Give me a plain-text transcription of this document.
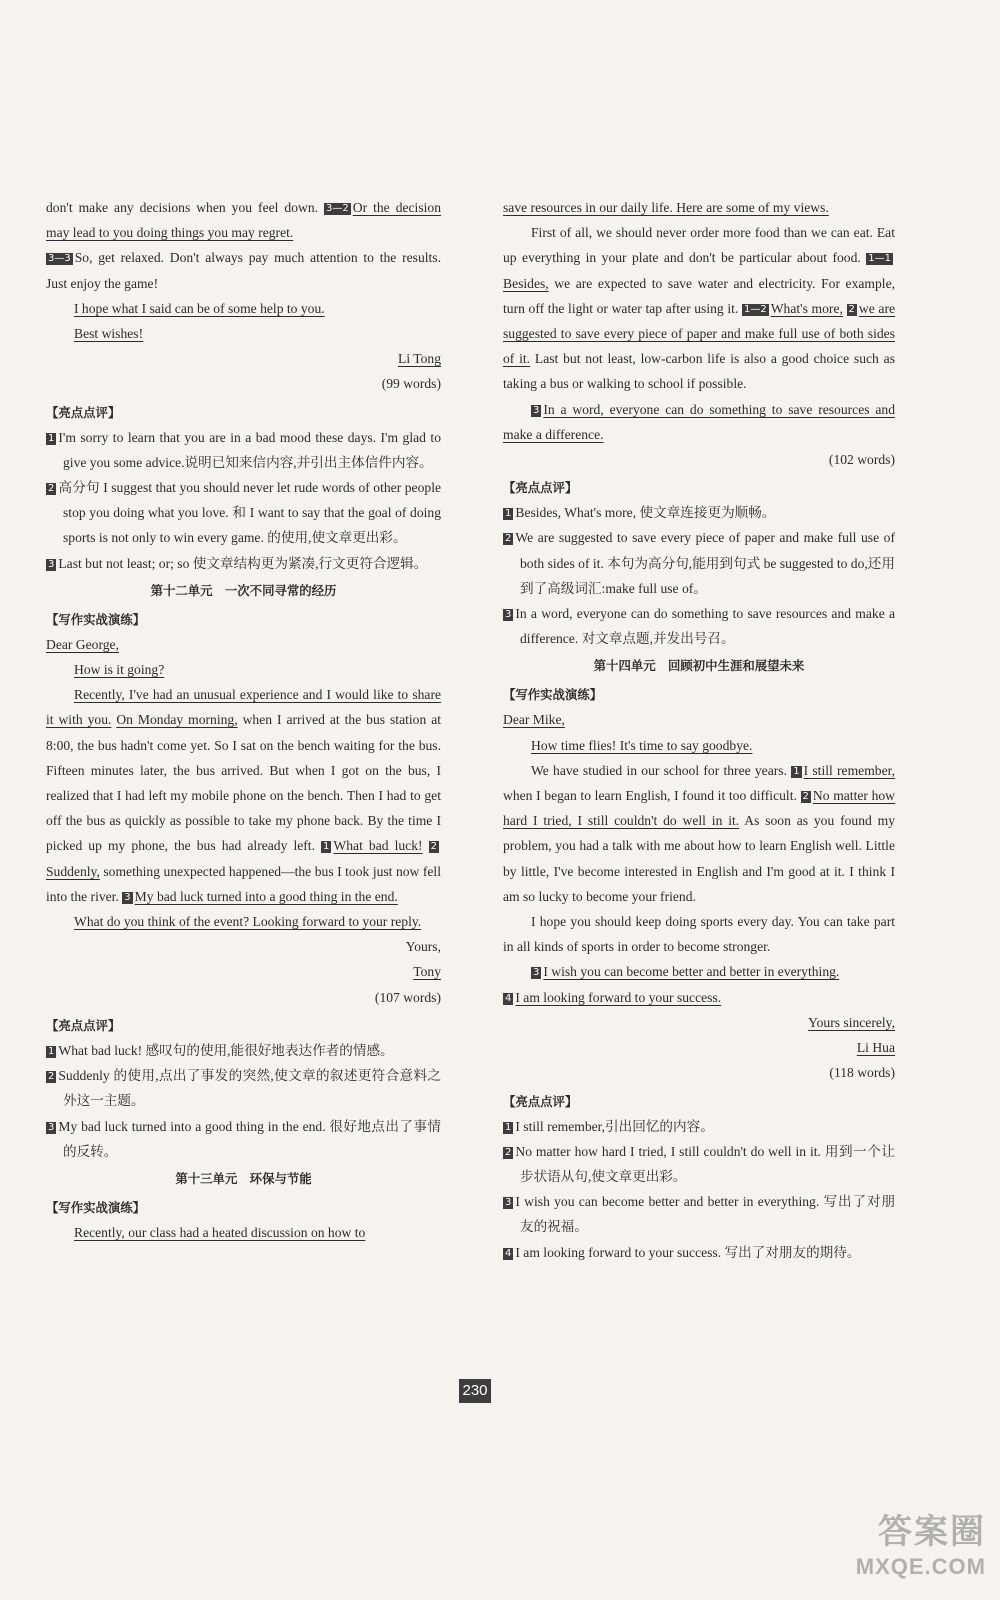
don't make any decisions when you feel down. 3—2 Or the decision may lead to you doing things you may regret.

3—3 So, get relaxed. Don't always pay much attention to the results. Just enjoy the game!

I hope what I said can be of some help to you.

Best wishes!

Li Tong

(99 words)

【亮点点评】

1 I'm sorry to learn that you are in a bad mood these days. I'm glad to give you some advice.说明已知来信内容,并引出主体信件内容。

2 高分句 I suggest that you should never let rude words of other people stop you doing what you love. 和 I want to say that the goal of doing sports is not only to win every game. 的使用,使文章更出彩。

3 Last but not least; or; so 使文章结构更为紧凑,行文更符合逻辑。

第十二单元　一次不同寻常的经历

【写作实战演练】

Dear George,

How is it going?

Recently, I've had an unusual experience and I would like to share it with you. On Monday morning, when I arrived at the bus station at 8:00, the bus hadn't come yet. So I sat on the bench waiting for the bus. Fifteen minutes later, the bus arrived. But when I got on the bus, I realized that I had left my mobile phone on the bench. Then I had to get off the bus as quickly as possible to take my phone back. By the time I picked up my phone, the bus had already left. 1 What bad luck! 2Suddenly, something unexpected happened—the bus I took just now fell into the river. 3 My bad luck turned into a good thing in the end.

What do you think of the event? Looking forward to your reply.

Yours,

Tony

(107 words)

【亮点点评】

1 What bad luck! 感叹句的使用,能很好地表达作者的情感。

2 Suddenly 的使用,点出了事发的突然,使文章的叙述更符合意料之外这一主题。

3 My bad luck turned into a good thing in the end. 很好地点出了事情的反转。

第十三单元　环保与节能

【写作实战演练】

Recently, our class had a heated discussion on how to

save resources in our daily life. Here are some of my views.

First of all, we should never order more food than we can eat. Eat up everything in your plate and don't be particular about food. 1—1Besides, we are expected to save water and electricity. For example, turn off the light or water tap after using it. 1—2 What's more, 2 we are suggested to save every piece of paper and make full use of both sides of it. Last but not least, low-carbon life is also a good choice such as taking a bus or walking to school if possible.

3 In a word, everyone can do something to save resources and make a difference.

(102 words)

【亮点点评】

1 Besides, What's more, 使文章连接更为顺畅。

2 We are suggested to save every piece of paper and make full use of both sides of it. 本句为高分句,能用到句式 be suggested to do,还用到了高级词汇:make full use of。

3 In a word, everyone can do something to save resources and make a difference. 对文章点题,并发出号召。

第十四单元　回顾初中生涯和展望未来

【写作实战演练】

Dear Mike,

How time flies! It's time to say goodbye.

We have studied in our school for three years. 1 I still remember, when I began to learn English, I found it too difficult. 2 No matter how hard I tried, I still couldn't do well in it. As soon as you found my problem, you had a talk with me about how to learn English well. Little by little, I've become interested in English and I'm good at it. I think I am so lucky to become your friend.

I hope you should keep doing sports every day. You can take part in all kinds of sports in order to become stronger.

3 I wish you can become better and better in everything.

4 I am looking forward to your success.

Yours sincerely,

Li Hua

(118 words)

【亮点点评】

1 I still remember,引出回忆的内容。

2 No matter how hard I tried, I still couldn't do well in it. 用到一个让步状语从句,使文章更出彩。

3 I wish you can become better and better in everything. 写出了对朋友的祝福。

4 I am looking forward to your success. 写出了对朋友的期待。

230
答案圈
MXQE.COM
